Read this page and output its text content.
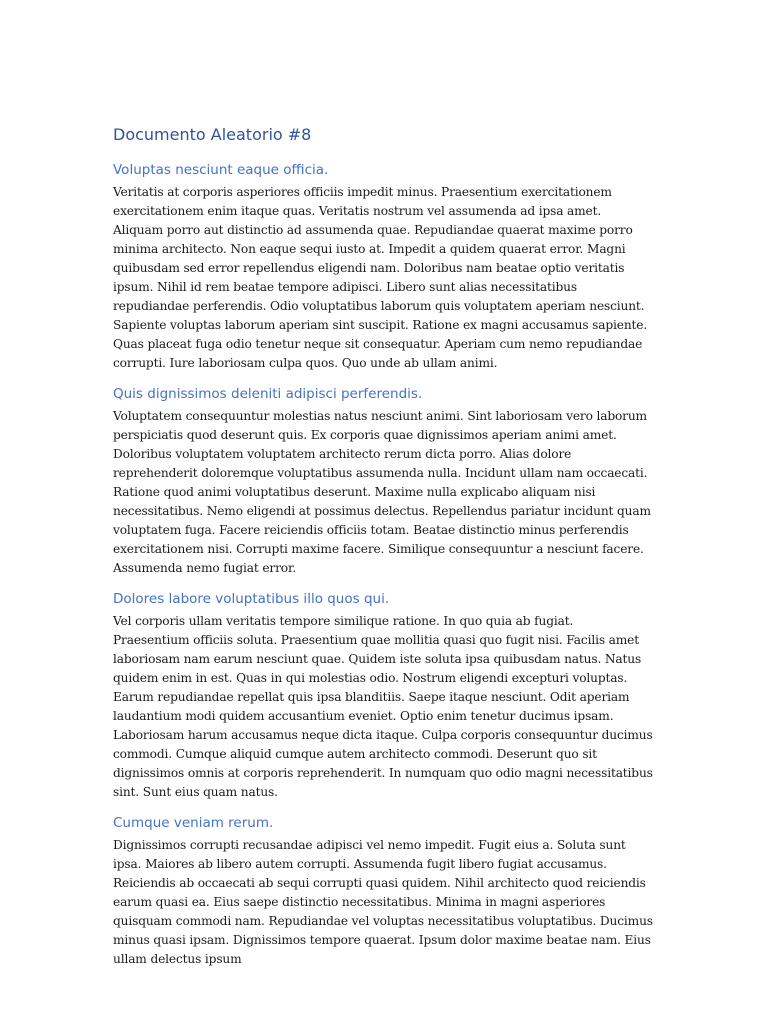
Documento Aleatorio #8
Voluptas nesciunt eaque officia.

Veritatis at corporis asperiores officiis impedit minus. Praesentium exercitationem exercitationem enim itaque quas. Veritatis nostrum vel assumenda ad ipsa amet. Aliquam porro aut distinctio ad assumenda quae. Repudiandae quaerat maxime porro minima architecto. Non eaque sequi iusto at. Impedit a quidem quaerat error. Magni quibusdam sed error repellendus eligendi nam. Doloribus nam beatae optio veritatis ipsum. Nihil id rem beatae tempore adipisci. Libero sunt alias necessitatibus repudiandae perferendis. Odio voluptatibus laborum quis voluptatem aperiam nesciunt. Sapiente voluptas laborum aperiam sint suscipit. Ratione ex magni accusamus sapiente. Quas placeat fuga odio tenetur neque sit consequatur. Aperiam cum nemo repudiandae corrupti. Iure laboriosam culpa quos. Quo unde ab ullam animi.

Quis dignissimos deleniti adipisci perferendis.

Voluptatem consequuntur molestias natus nesciunt animi. Sint laboriosam vero laborum perspiciatis quod deserunt quis. Ex corporis quae dignissimos aperiam animi amet. Doloribus voluptatem voluptatem architecto rerum dicta porro. Alias dolore reprehenderit doloremque voluptatibus assumenda nulla. Incidunt ullam nam occaecati. Ratione quod animi voluptatibus deserunt. Maxime nulla explicabo aliquam nisi necessitatibus. Nemo eligendi at possimus delectus. Repellendus pariatur incidunt quam voluptatem fuga. Facere reiciendis officiis totam. Beatae distinctio minus perferendis exercitationem nisi. Corrupti maxime facere. Similique consequuntur a nesciunt facere. Assumenda nemo fugiat error.

Dolores labore voluptatibus illo quos qui.

Vel corporis ullam veritatis tempore similique ratione. In quo quia ab fugiat. Praesentium officiis soluta. Praesentium quae mollitia quasi quo fugit nisi. Facilis amet laboriosam nam earum nesciunt quae. Quidem iste soluta ipsa quibusdam natus. Natus quidem enim in est. Quas in qui molestias odio. Nostrum eligendi excepturi voluptas. Earum repudiandae repellat quis ipsa blanditiis. Saepe itaque nesciunt. Odit aperiam laudantium modi quidem accusantium eveniet. Optio enim tenetur ducimus ipsam. Laboriosam harum accusamus neque dicta itaque. Culpa corporis consequuntur ducimus commodi. Cumque aliquid cumque autem architecto commodi. Deserunt quo sit dignissimos omnis at corporis reprehenderit. In numquam quo odio magni necessitatibus sint. Sunt eius quam natus.

Cumque veniam rerum.

Dignissimos corrupti recusandae adipisci vel nemo impedit. Fugit eius a. Soluta sunt ipsa. Maiores ab libero autem corrupti. Assumenda fugit libero fugiat accusamus. Reiciendis ab occaecati ab sequi corrupti quasi quidem. Nihil architecto quod reiciendis earum quasi ea. Eius saepe distinctio necessitatibus. Minima in magni asperiores quisquam commodi nam. Repudiandae vel voluptas necessitatibus voluptatibus. Ducimus minus quasi ipsam. Dignissimos tempore quaerat. Ipsum dolor maxime beatae nam. Eius ullam delectus ipsum
